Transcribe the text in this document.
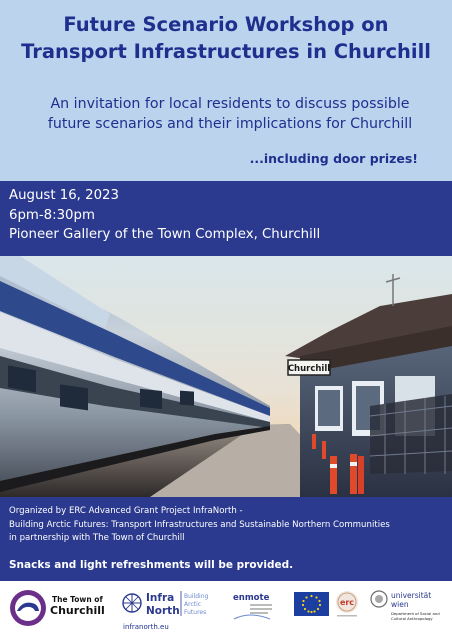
Future Scenario Workshop on
Transport Infrastructures in Churchill
An invitation for local residents to discuss possible
future scenarios and their implications for Churchill
...including door prizes!
August 16, 2023
6pm-8:30pm
Pioneer Gallery of the Town Complex, Churchill
Churchill
Organized by ERC Advanced Grant Project InfraNorth -
Building Arctic Futures: Transport Infrastructures and Sustainable Northern Communities
in partnership with The Town of Churchill
Snacks and light refreshments will be provided.
The Town of
Churchill
Infra
North
Building
Arctic
Futures
infranorth.eu
enmote	erc
universität
wien
Department of Social and
Cultural Anthropology
